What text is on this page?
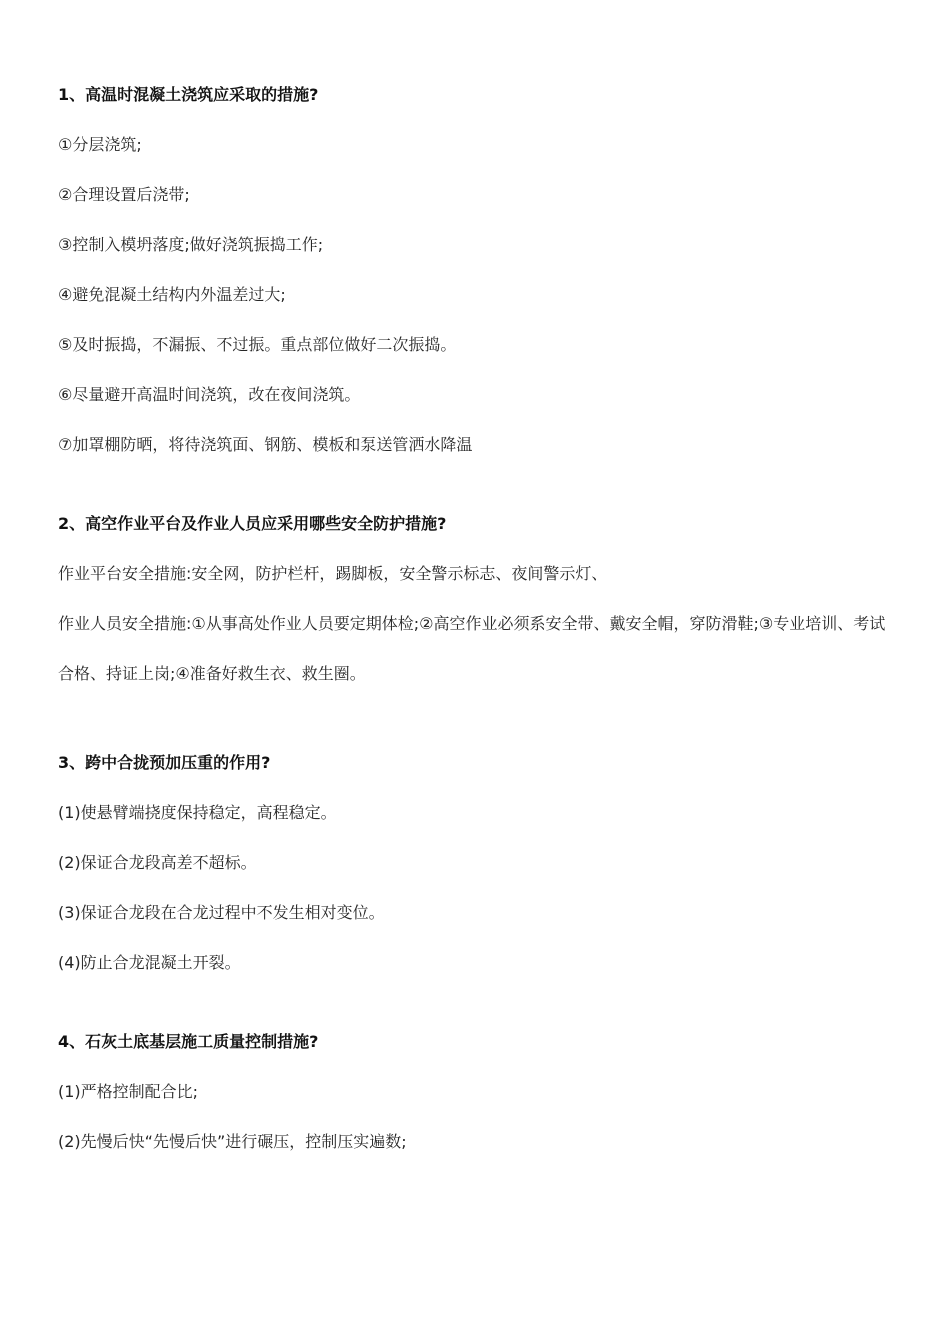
1、高温时混凝土浇筑应采取的措施?
①分层浇筑;
②合理设置后浇带;
③控制入模坍落度;做好浇筑振捣工作;
④避免混凝土结构内外温差过大;
⑤及时振捣，不漏振、不过振。重点部位做好二次振捣。
⑥尽量避开高温时间浇筑，改在夜间浇筑。
⑦加罩棚防晒，将待浇筑面、钢筋、模板和泵送管洒水降温
2、高空作业平台及作业人员应采用哪些安全防护措施?
作业平台安全措施:安全网，防护栏杆，踢脚板，安全警示标志、夜间警示灯、
作业人员安全措施:①从事高处作业人员要定期体检;②高空作业必须系安全带、戴安全帽，穿防滑鞋;③专业培训、考试合格、持证上岗;④准备好救生衣、救生圈。
3、跨中合拢预加压重的作用?
(1)使悬臂端挠度保持稳定，高程稳定。
(2)保证合龙段高差不超标。
(3)保证合龙段在合龙过程中不发生相对变位。
(4)防止合龙混凝土开裂。
4、石灰土底基层施工质量控制措施?
(1)严格控制配合比;
(2)先慢后快“先慢后快”进行碾压，控制压实遍数;
